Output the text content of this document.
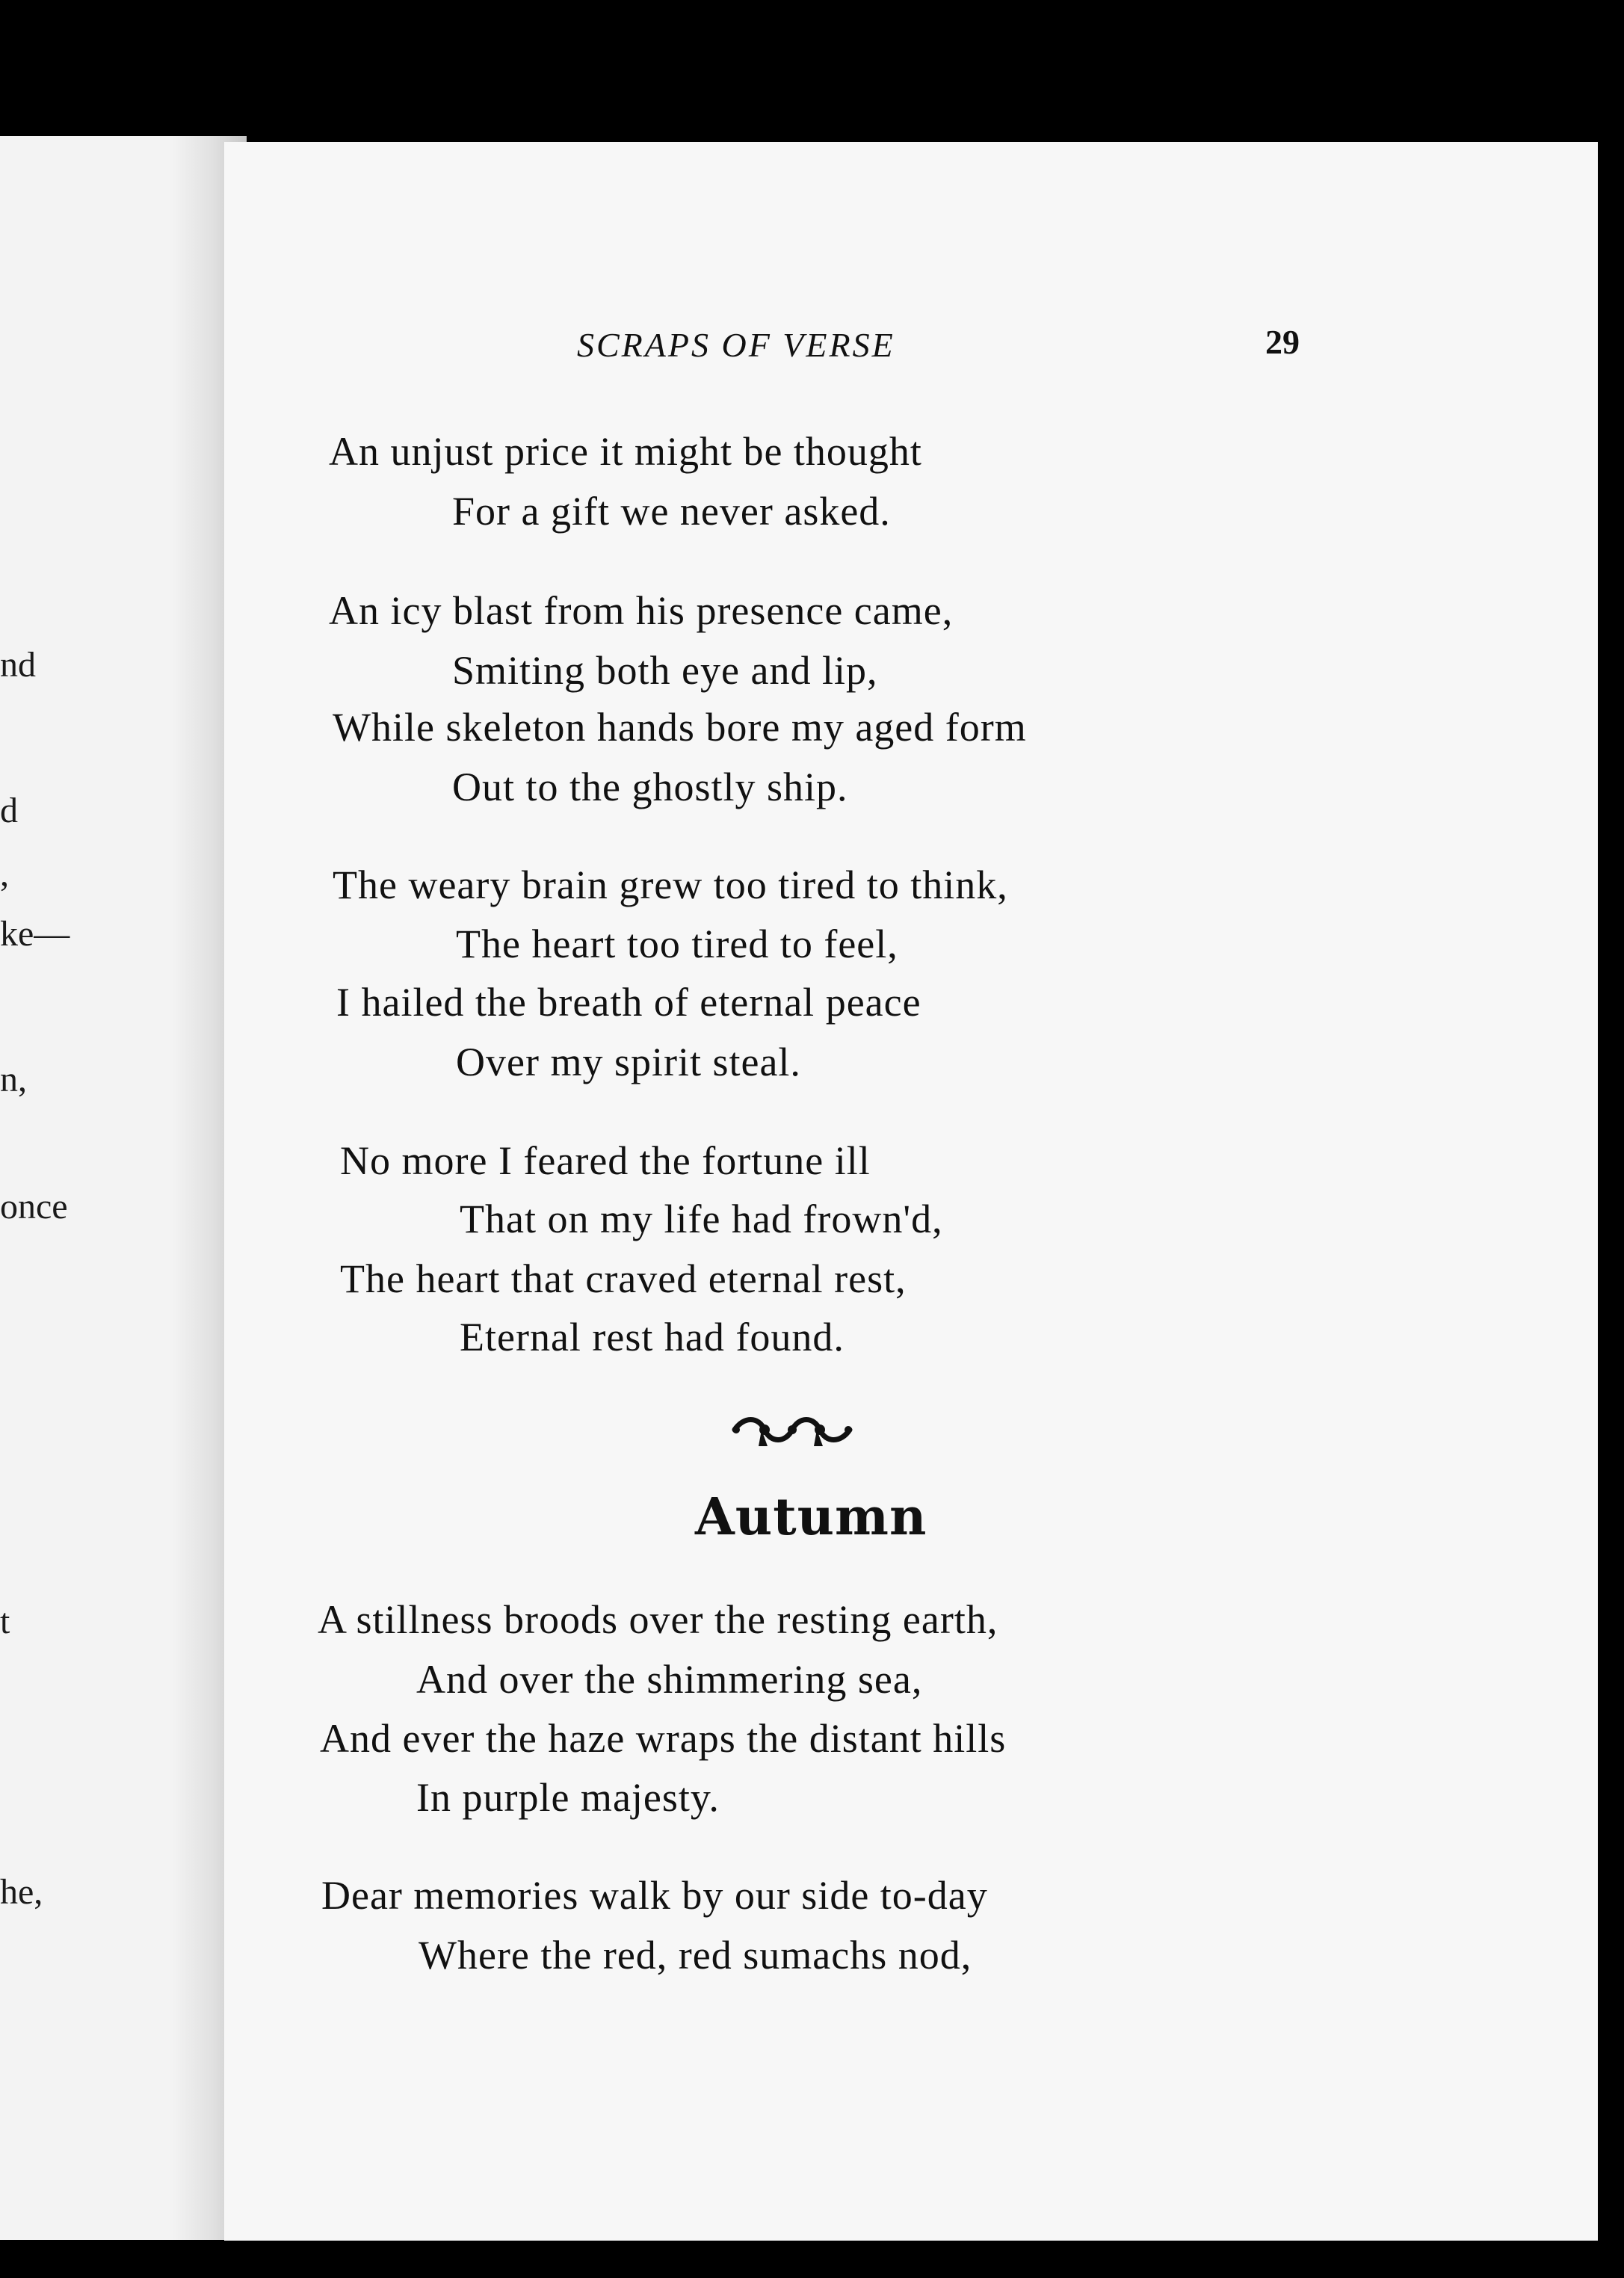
nd

d

,

ke—

n,

once

t

he,

SCRAPS OF VERSE	29

An unjust price it might be thought

For a gift we never asked.

An icy blast from his presence came,

Smiting both eye and lip,

While skeleton hands bore my aged form

Out to the ghostly ship.

The weary brain grew too tired to think,

The heart too tired to feel,

I hailed the breath of eternal peace

Over my spirit steal.

No more I feared the fortune ill

That on my life had frown'd,

The heart that craved eternal rest,

Eternal rest had found.

Autumn

A stillness broods over the resting earth,

And over the shimmering sea,

And ever the haze wraps the distant hills

In purple majesty.

Dear memories walk by our side to-day

Where the red, red sumachs nod,
